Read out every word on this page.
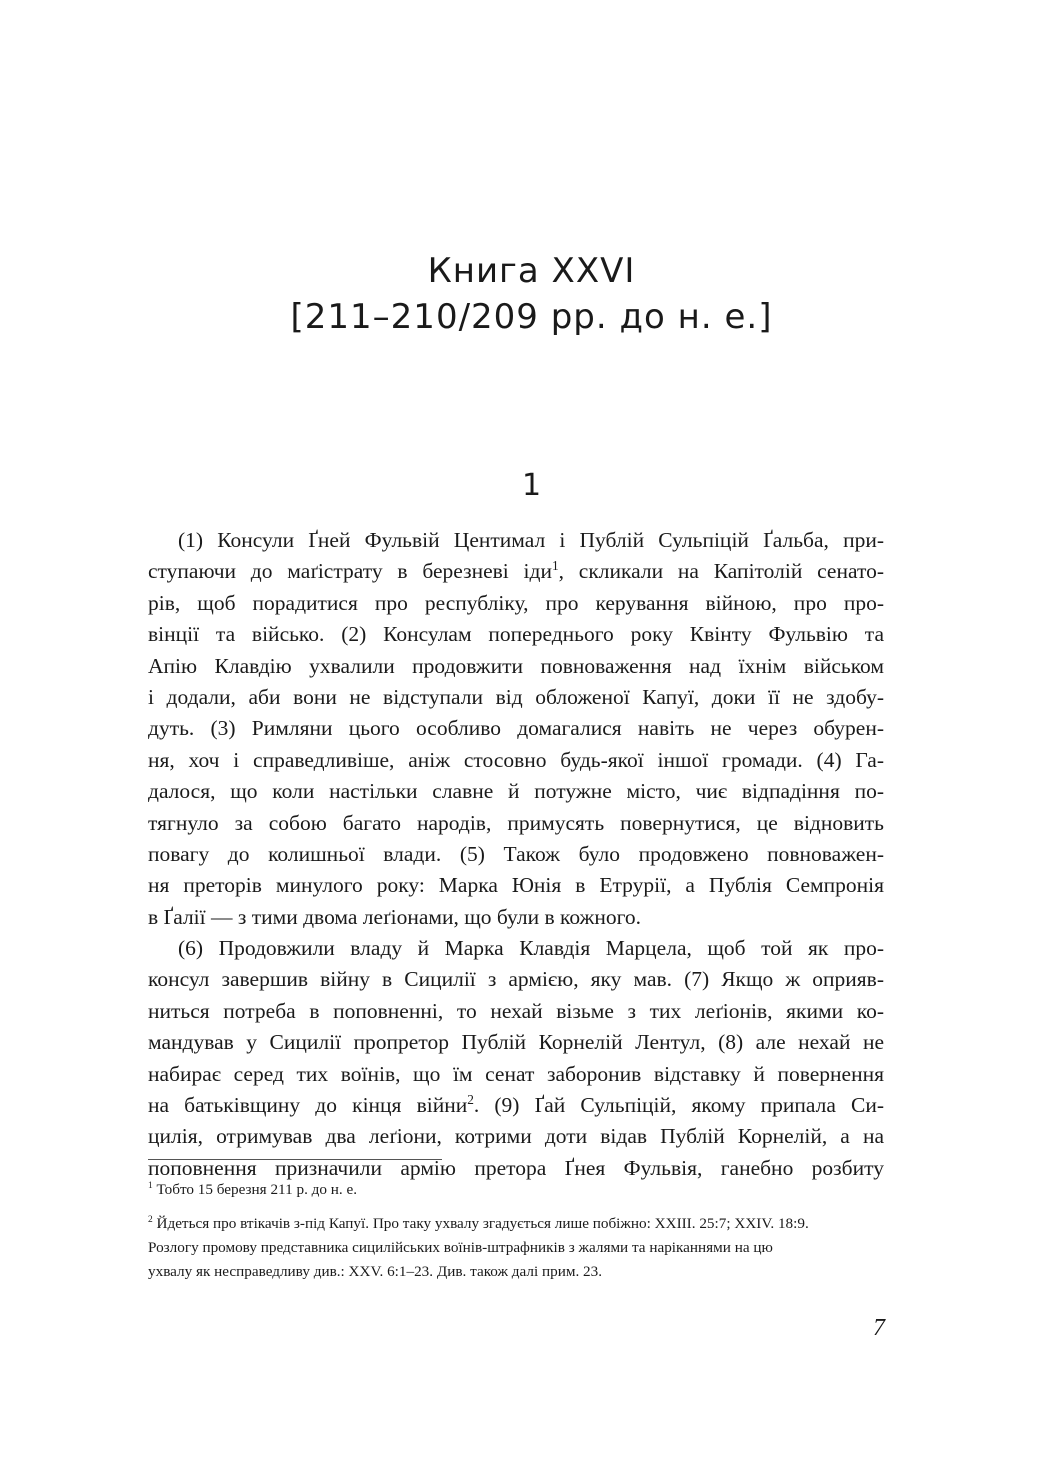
Книга XXVI
[211–210/209 рр. до н. е.]
1
(1) Консули Ґней Фульвій Центимал і Публій Сульпіцій Ґальба, при-
ступаючи до маґістрату в березневі іди$^1$, скликали на Капітолій сенато-
рів, щоб порадитися про республіку, про керування війною, про про-
вінції та військо. (2) Консулам попереднього року Квінту Фульвію та
Апію Клавдію ухвалили продовжити повноваження над їхнім військом
і додали, аби вони не відступали від обложеної Капуї, доки її не здобу-
дуть. (3) Римляни цього особливо домагалися навіть не через обурен-
ня, хоч і справедливіше, аніж стосовно будь-якої іншої громади. (4) Га-
далося, що коли настільки славне й потужне місто, чиє відпадіння по-
тягнуло за собою багато народів, примусять повернутися, це відновить
повагу до колишньої влади. (5) Також було продовжено повноважен-
ня преторів минулого року: Марка Юнія в Етрурії, а Публія Семпронія
в Ґалії — з тими двома леґіонами, що були в кожного.
(6) Продовжили владу й Марка Клавдія Марцела, щоб той як про-
консул завершив війну в Сицилії з армією, яку мав. (7) Якщо ж оприяв-
ниться потреба в поповненні, то нехай візьме з тих леґіонів, якими ко-
мандував у Сицилії пропретор Публій Корнелій Лентул, (8) але нехай не
набирає серед тих воїнів, що їм сенат заборонив відставку й повернення
на батьківщину до кінця війни$^2$. (9) Ґай Сульпіцій, якому припала Си-
цилія, отримував два леґіони, котрими доти відав Публій Корнелій, а на
поповнення призначили армію претора Ґнея Фульвія, ганебно розбиту
$^1$ Тобто 15 березня 211 р. до н. е.
$^2$ Йдеться про втікачів з-під Капуї. Про таку ухвалу згадується лише побіжно: XXIII. 25:7; XXIV. 18:9.
Розлогу промову представника сицилійських воїнів-штрафників з жалями та наріканнями на цю
ухвалу як несправедливу див.: XXV. 6:1–23. Див. також далі прим. 23.
7
